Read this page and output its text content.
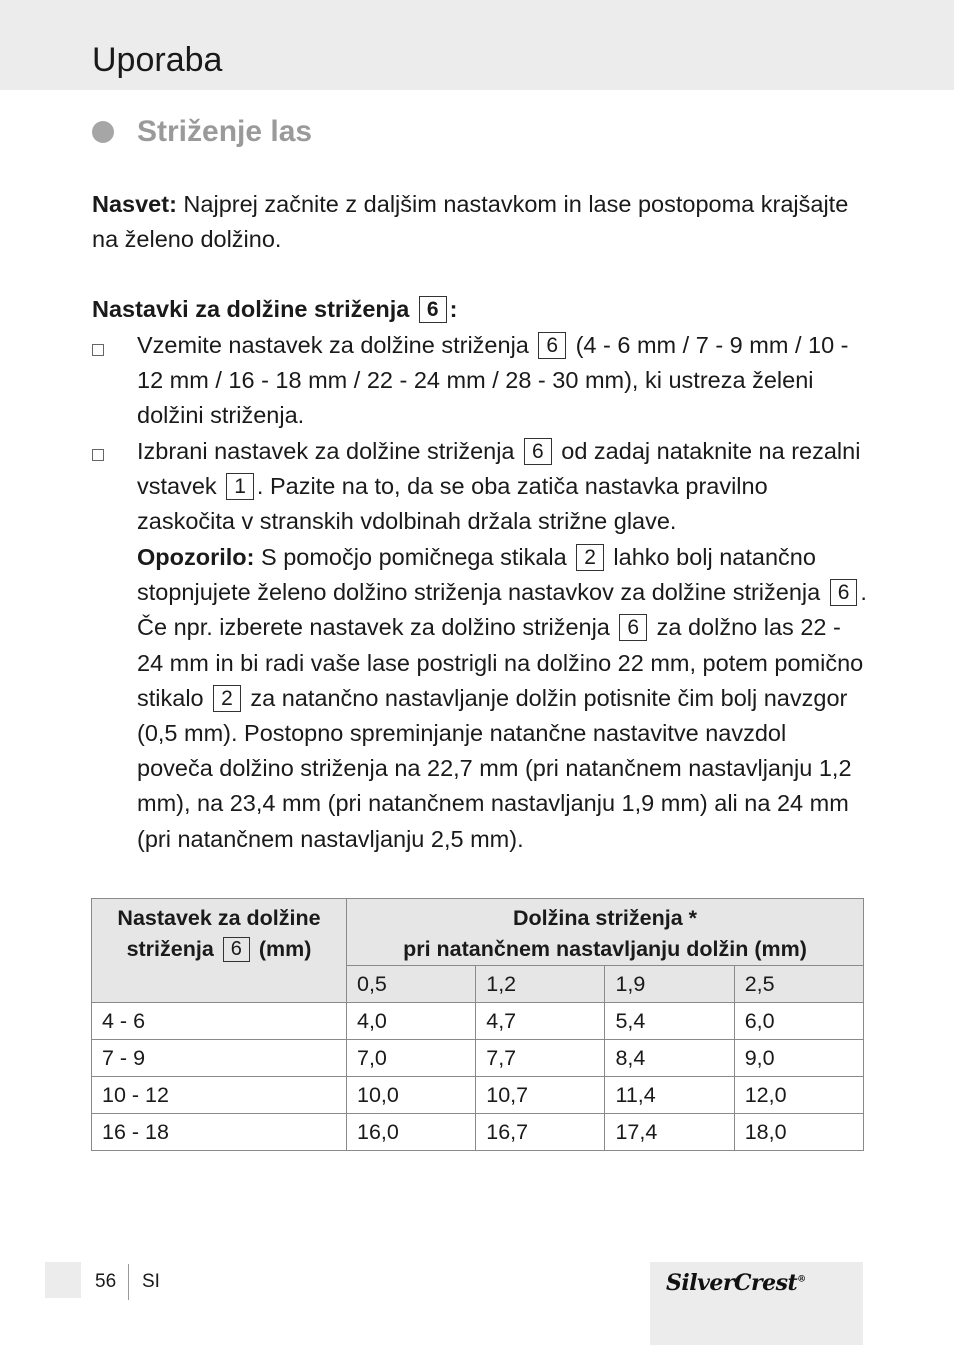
Uporaba
Striženje las
Nasvet: Najprej začnite z daljšim nastavkom in lase postopoma krajšajte na želeno dolžino.
Nastavki za dolžine striženja 6 :
Vzemite nastavek za dolžine striženja 6 (4 - 6 mm / 7 - 9 mm / 10 - 12 mm / 16 - 18 mm / 22 - 24 mm / 28 - 30 mm), ki ustreza želeni dolžini striženja.
Izbrani nastavek za dolžine striženja 6 od zadaj nataknite na rezalni vstavek 1 . Pazite na to, da se oba zatiča nastavka pravilno zaskočita v stranskih vdolbinah držala strižne glave.
Opozorilo: S pomočjo pomičnega stikala 2 lahko bolj natančno stopnjujete želeno dolžino striženja nastavkov za dolžine striženja 6 . Če npr. izberete nastavek za dolžino striženja 6 za dolžno las 22 - 24 mm in bi radi vaše lase postrigli na dolžino 22 mm, potem pomično stikalo 2 za natančno nastavljanje dolžin potisnite čim bolj navzgor (0,5 mm). Postopno spreminjanje natančne nastavitve navzdol poveča dolžino striženja na 22,7 mm (pri natančnem nastavljanju 1,2 mm), na 23,4 mm (pri natančnem nastavljanju 1,9 mm) ali na 24 mm (pri natančnem nastavljanju 2,5 mm).
Nastavek za dolžine
striženja 6 (mm)	Dolžina striženja *
pri natančnem nastavljanju dolžin (mm)			
	0,5	1,2	1,9	2,5
4 - 6	4,0	4,7	5,4	6,0
7 - 9	7,0	7,7	8,4	9,0
10 - 12	10,0	10,7	11,4	12,0
16 - 18	16,0	16,7	17,4	18,0
56 SI	SilverCrest®
